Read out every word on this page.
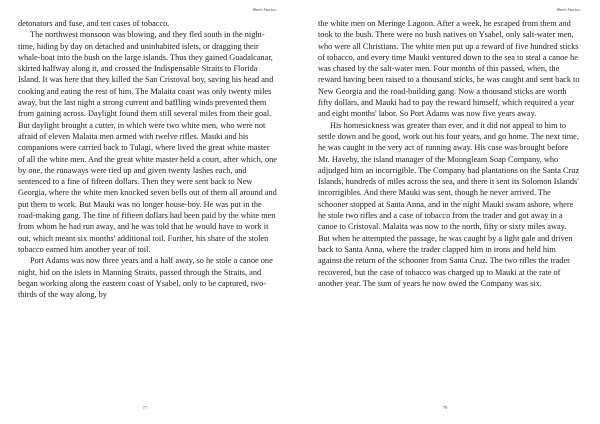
Short Stories

detonators and fuse, and ten cases of tobacco.

The northwest monsoon was blowing, and they fled south in the night-time, hiding by day on detached and uninhabited islets, or dragging their whale-boat into the bush on the large islands. Thus they gained Guadalcanar, skirted halfway along it, and crossed the Indispensable Straits to Florida Island. It was here that they killed the San Cristoval boy, saving his head and cooking and eating the rest of him. The Malaita coast was only twenty miles away, but the last night a strong current and baffling winds prevented them from gaining across. Daylight found them still several miles from their goal. But daylight brought a cutter, in which were two white men, who were not afraid of eleven Malaita men armed with twelve rifles. Mauki and his companions were carried back to Tulagi, where lived the great white master of all the white men. And the great white master held a court, after which, one by one, the runaways were tied up and given twenty lashes each, and sentenced to a fine of fifteen dollars. Then they were sent back to New Georgia, where the white men knocked seven bells out of them all around and put them to work. But Mauki was no longer house-boy. He was put in the road-making gang. The fine of fifteen dollars had been paid by the white men from whom he had run away, and he was told that he would have to work it out, which meant six months' additional toil. Further, his share of the stolen tobacco earned him another year of toil.

Port Adams was now three years and a half away, so he stole a canoe one night, hid on the islets in Manning Straits, passed through the Straits, and began working along the eastern coast of Ysabel, only to be captured, two-thirds of the way along, by

77
Short Stories

the white men on Meringe Lagoon. After a week, he escaped from them and took to the bush. There were no bush natives on Ysabel, only salt-water men, who were all Christians. The white men put up a reward of five hundred sticks of tobacco, and every time Mauki ventured down to the sea to steal a canoe he was chased by the salt-water men. Four months of this passed, when, the reward having been raised to a thousand sticks, he was caught and sent back to New Georgia and the road-building gang. Now a thousand sticks are worth fifty dollars, and Mauki had to pay the reward himself, which required a year and eight months' labor. So Port Adams was now five years away.

His homesickness was greater than ever, and it did not appeal to him to settle down and be good, work out his four years, and go home. The next time, he was caught in the very act of running away. His case was brought before Mr. Haveby, the island manager of the Moongleam Soap Company, who adjudged him an incorrigible. The Company had plantations on the Santa Cruz Islands, hundreds of miles across the sea, and there it sent its Solomon Islands' incorrigibles. And there Mauki was sent, though he never arrived. The schooner stopped at Santa Anna, and in the night Mauki swam ashore, where he stole two rifles and a case of tobacco from the trader and got away in a canoe to Cristoval. Malaita was now to the north, fifty or sixty miles away. But when he attempted the passage, he was caught by a light gale and driven back to Santa Anna, where the trader clapped him in irons and held him against the return of the schooner from Santa Cruz. The two rifles the trader recovered, but the case of tobacco was charged up to Mauki at the rate of another year. The sum of years he now owed the Company was six.

78
